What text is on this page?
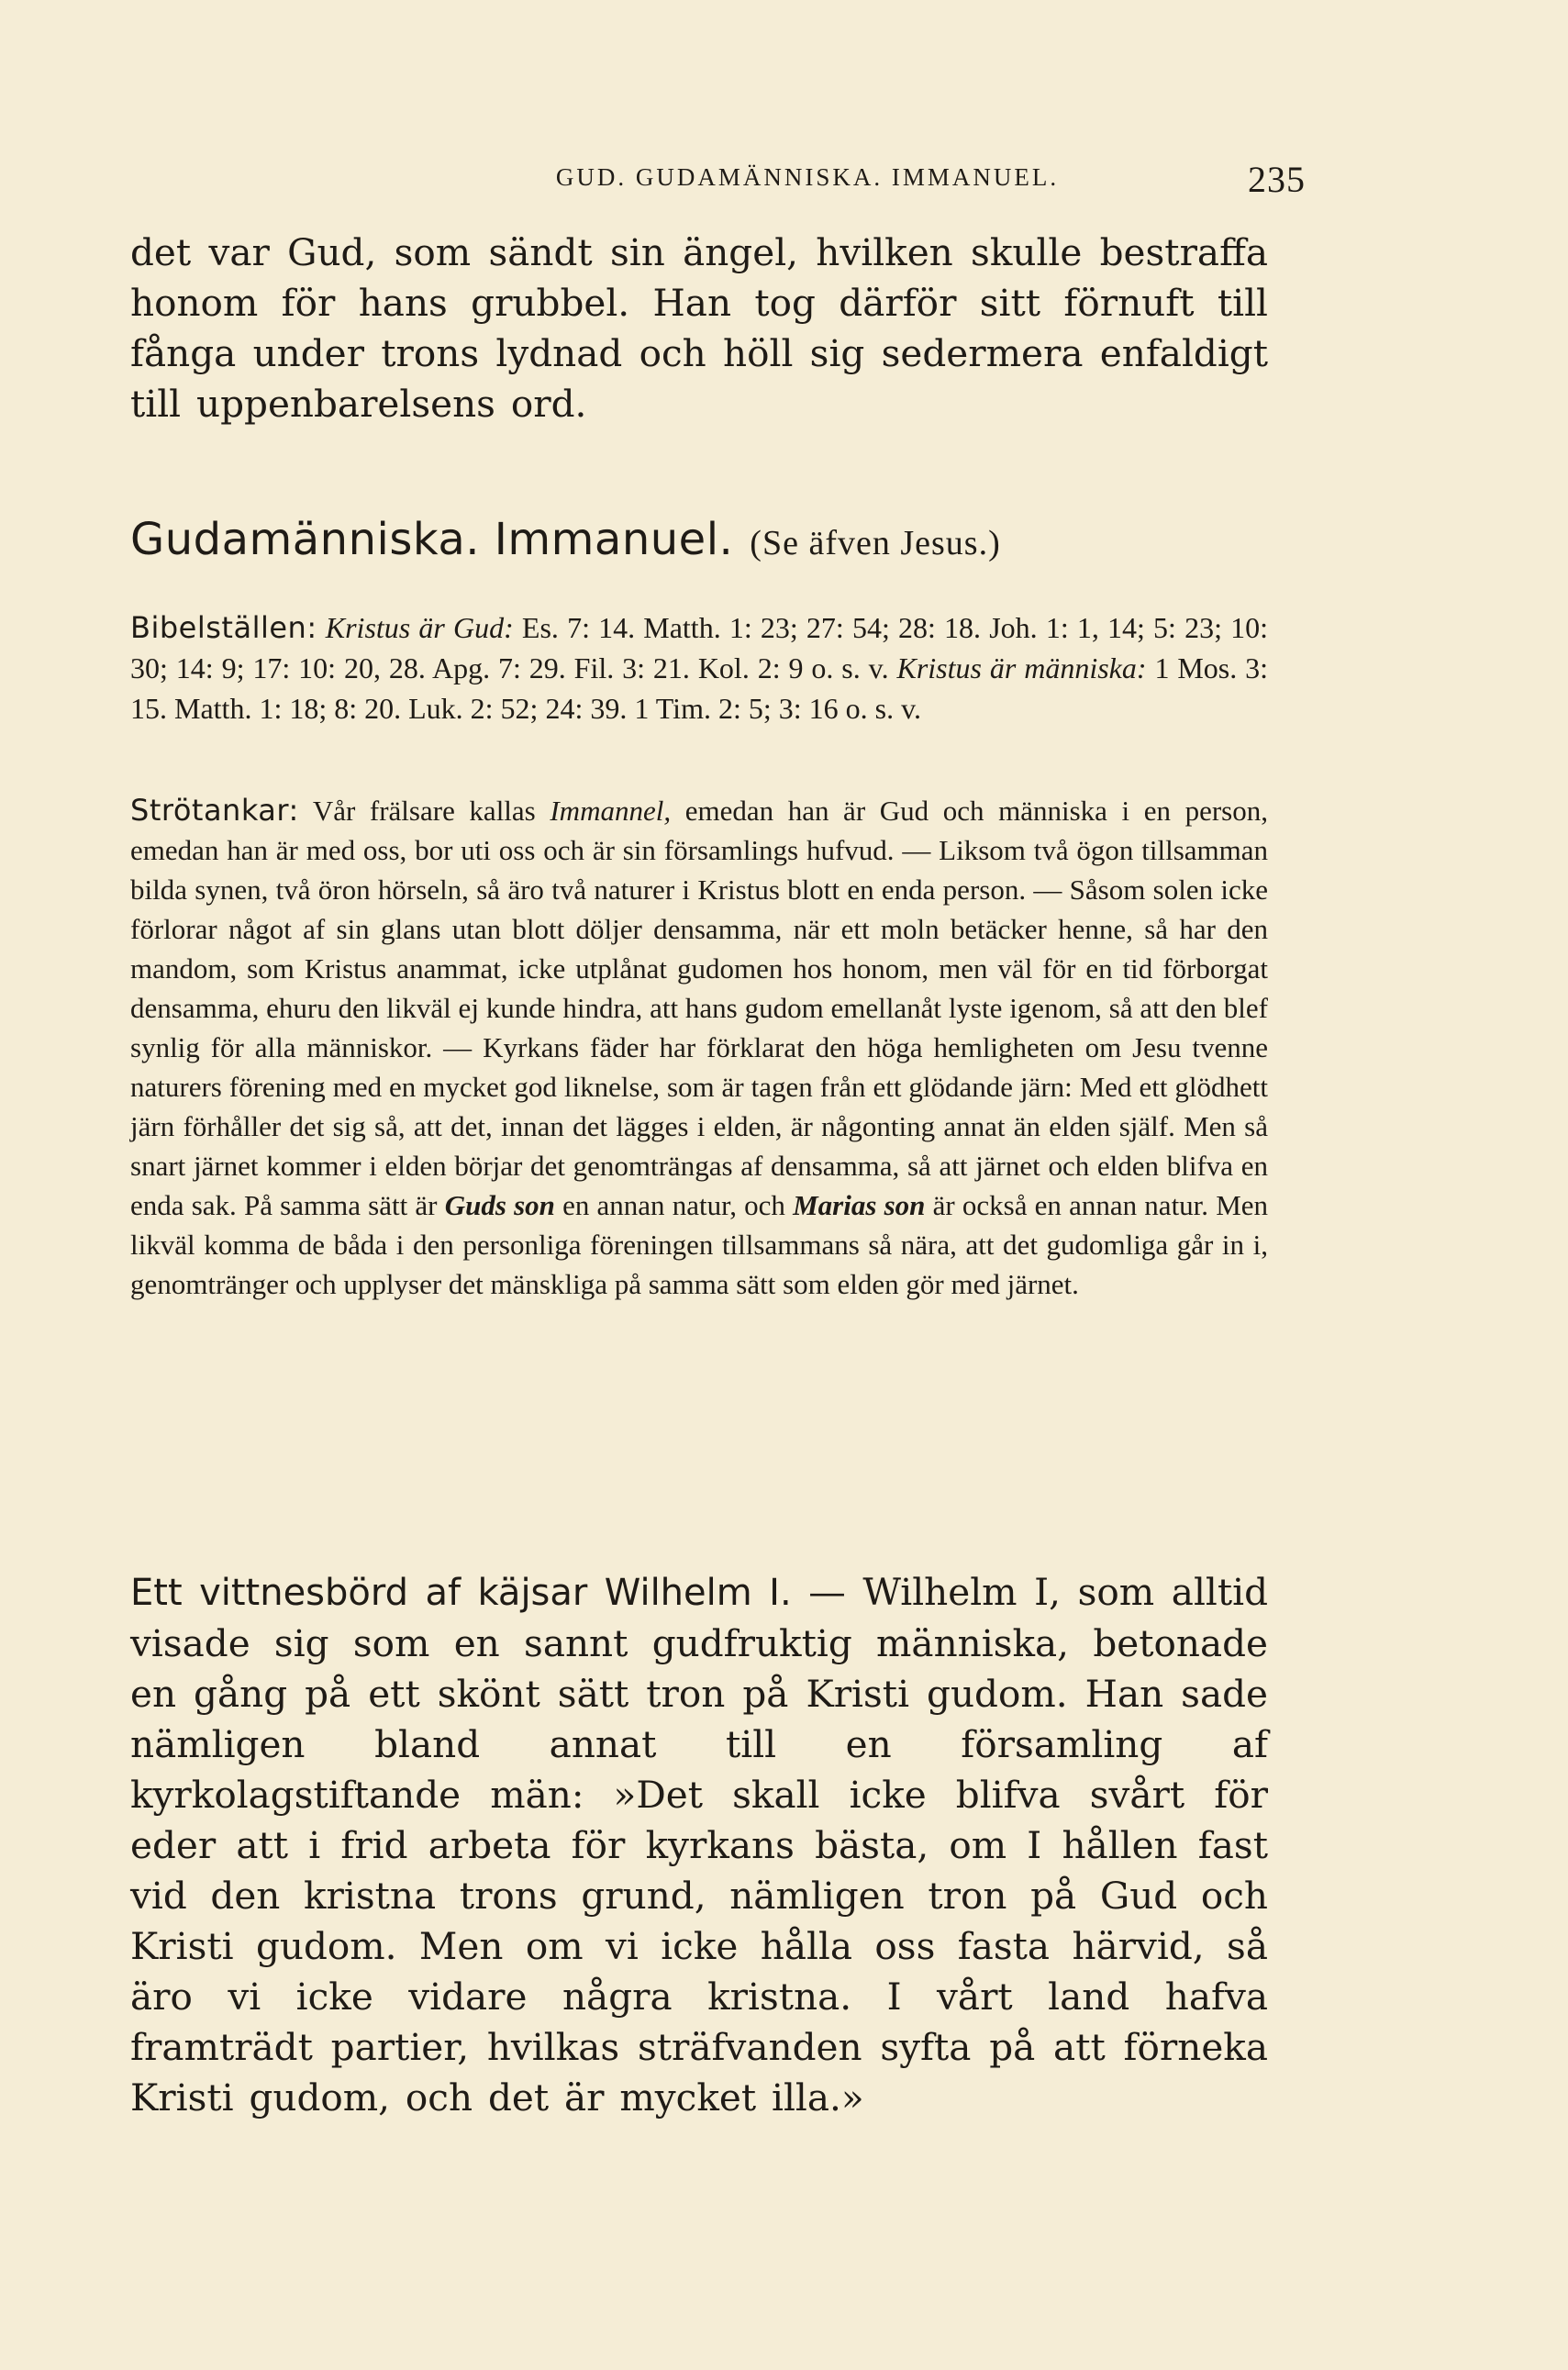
GUD. GUDAMÄNNISKA. IMMANUEL.	235

det var Gud, som sändt sin ängel, hvilken skulle bestraffa honom för hans grubbel. Han tog därför sitt förnuft till fånga under trons lydnad och höll sig sedermera enfaldigt till uppenbarelsens ord.

Gudamänniska. Immanuel. (Se äfven Jesus.)

Bibelställen: Kristus är Gud: Es. 7: 14. Matth. 1: 23; 27: 54; 28: 18. Joh. 1: 1, 14; 5: 23; 10: 30; 14: 9; 17: 10: 20, 28. Apg. 7: 29. Fil. 3: 21. Kol. 2: 9 o. s. v. Kristus är människa: 1 Mos. 3: 15. Matth. 1: 18; 8: 20. Luk. 2: 52; 24: 39. 1 Tim. 2: 5; 3: 16 o. s. v.

Strötankar: Vår frälsare kallas Immannel, emedan han är Gud och människa i en person, emedan han är med oss, bor uti oss och är sin församlings hufvud. — Liksom två ögon tillsamman bilda synen, två öron hörseln, så äro två naturer i Kristus blott en enda person. — Såsom solen icke förlorar något af sin glans utan blott döljer densamma, när ett moln betäcker henne, så har den mandom, som Kristus anammat, icke utplånat gudomen hos honom, men väl för en tid förborgat densamma, ehuru den likväl ej kunde hindra, att hans gudom emellanåt lyste igenom, så att den blef synlig för alla människor. — Kyrkans fäder har förklarat den höga hemligheten om Jesu tvenne naturers förening med en mycket god liknelse, som är tagen från ett glödande järn: Med ett glödhett järn förhåller det sig så, att det, innan det lägges i elden, är någonting annat än elden själf. Men så snart järnet kommer i elden börjar det genomträngas af densamma, så att järnet och elden blifva en enda sak. På samma sätt är Guds son en annan natur, och Marias son är också en annan natur. Men likväl komma de båda i den personliga föreningen tillsammans så nära, att det gudomliga går in i, genomtränger och upplyser det mänskliga på samma sätt som elden gör med järnet.

Ett vittnesbörd af käjsar Wilhelm I. — Wilhelm I, som alltid visade sig som en sannt gudfruktig människa, betonade en gång på ett skönt sätt tron på Kristi gudom. Han sade nämligen bland annat till en församling af kyrkolagstiftande män: »Det skall icke blifva svårt för eder att i frid arbeta för kyrkans bästa, om I hållen fast vid den kristna trons grund, nämligen tron på Gud och Kristi gudom. Men om vi icke hålla oss fasta härvid, så äro vi icke vidare några kristna. I vårt land hafva framträdt partier, hvilkas sträfvanden syfta på att förneka Kristi gudom, och det är mycket illa.»
